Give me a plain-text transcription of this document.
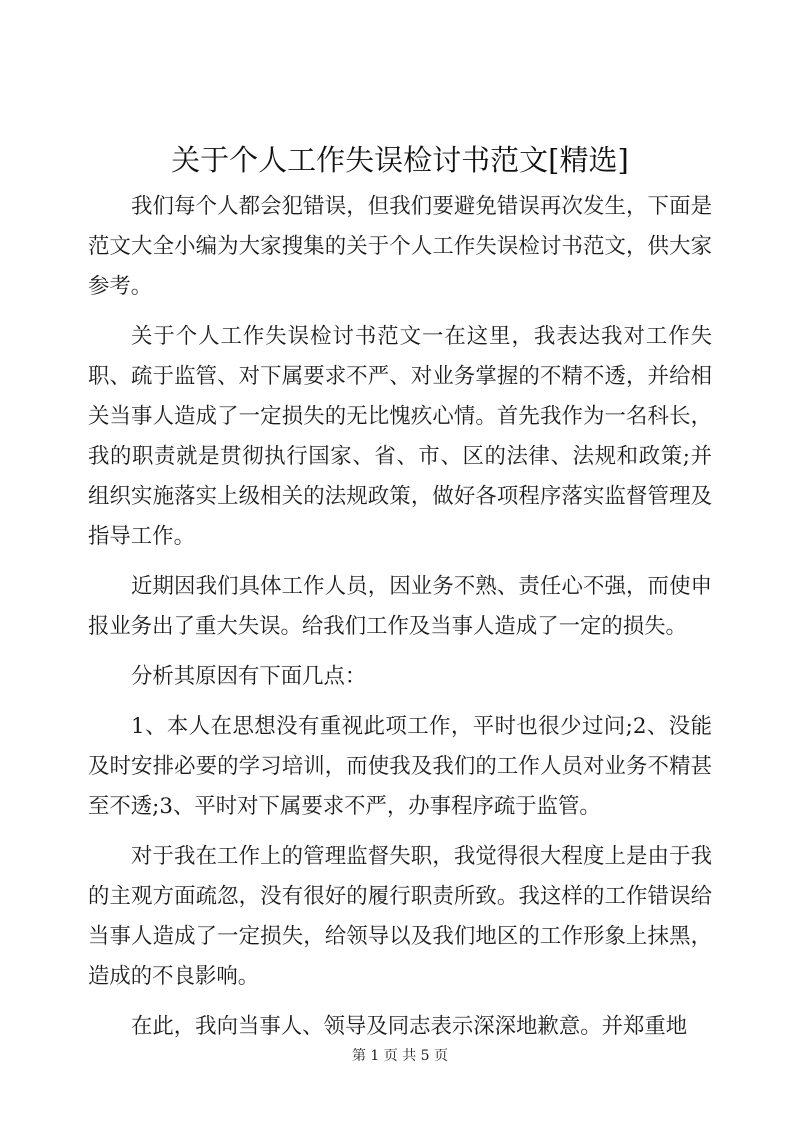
关于个人工作失误检讨书范文[精选]

我们每个人都会犯错误，但我们要避免错误再次发生，下面是范文大全小编为大家搜集的关于个人工作失误检讨书范文，供大家参考。

关于个人工作失误检讨书范文一在这里，我表达我对工作失职、疏于监管、对下属要求不严、对业务掌握的不精不透，并给相关当事人造成了一定损失的无比愧疚心情。首先我作为一名科长，我的职责就是贯彻执行国家、省、市、区的法律、法规和政策;并组织实施落实上级相关的法规政策，做好各项程序落实监督管理及指导工作。

近期因我们具体工作人员，因业务不熟、责任心不强，而使申报业务出了重大失误。给我们工作及当事人造成了一定的损失。

分析其原因有下面几点：

1、本人在思想没有重视此项工作，平时也很少过问;2、没能及时安排必要的学习培训，而使我及我们的工作人员对业务不精甚至不透;3、平时对下属要求不严，办事程序疏于监管。

对于我在工作上的管理监督失职，我觉得很大程度上是由于我的主观方面疏忽，没有很好的履行职责所致。我这样的工作错误给当事人造成了一定损失，给领导以及我们地区的工作形象上抹黑，造成的不良影响。

在此，我向当事人、领导及同志表示深深地歉意。并郑重地

第 1 页 共 5 页
